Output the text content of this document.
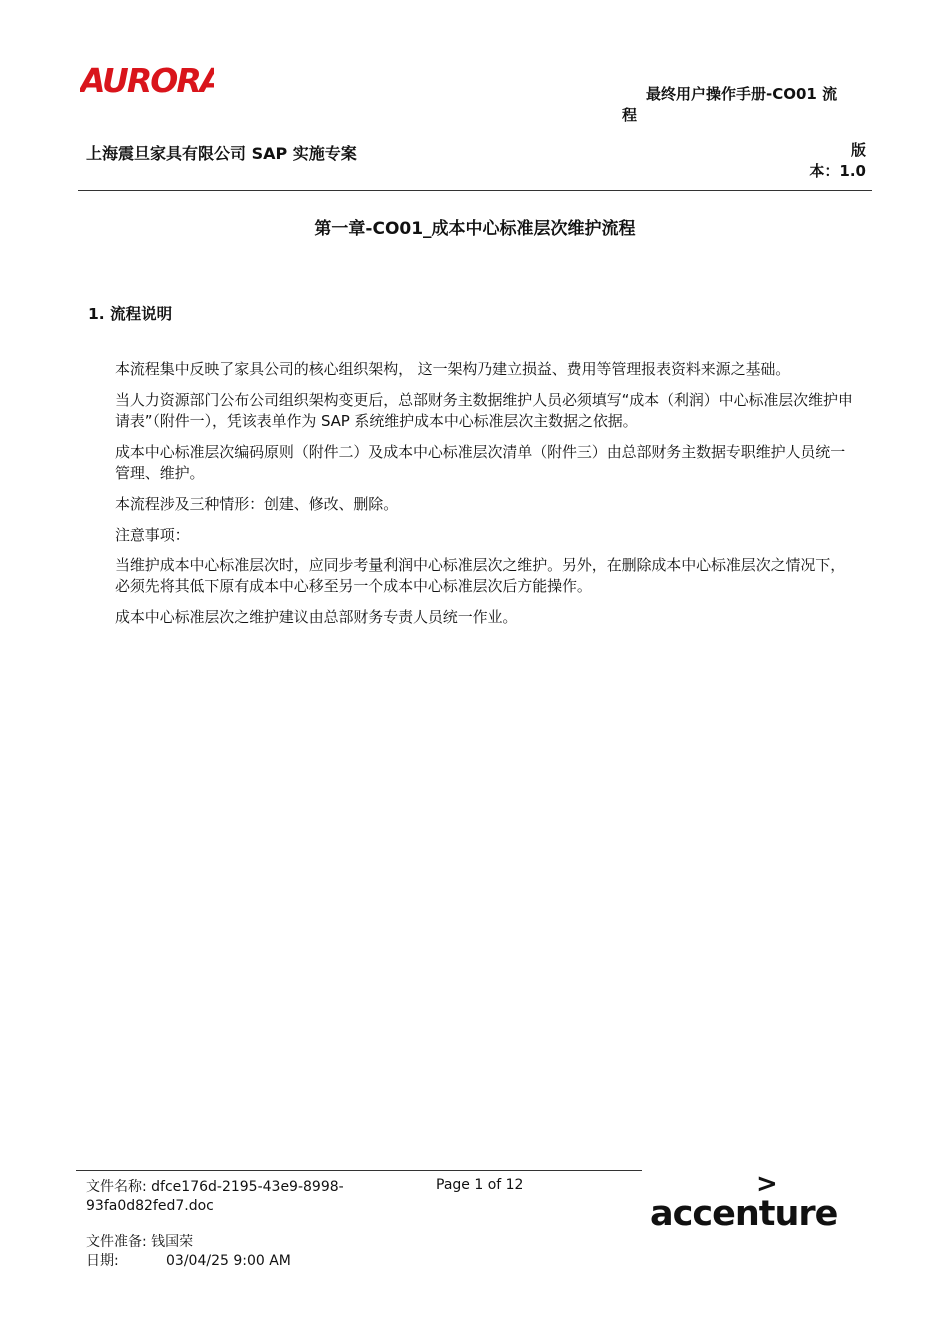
AURORA	最终用户操作手册-CO01 流
程
上海震旦家具有限公司 SAP 实施专案	版
本：1.0
第一章-CO01_成本中心标准层次维护流程
1. 流程说明
本流程集中反映了家具公司的核心组织架构， 这一架构乃建立损益、费用等管理报表资料来源之基础。
当人力资源部门公布公司组织架构变更后，总部财务主数据维护人员必须填写“成本（利润）中心标准层次维护申请表”（附件一），凭该表单作为 SAP 系统维护成本中心标准层次主数据之依据。
成本中心标准层次编码原则（附件二）及成本中心标准层次清单（附件三）由总部财务主数据专职维护人员统一管理、维护。
本流程涉及三种情形：创建、修改、删除。
注意事项：
当维护成本中心标准层次时，应同步考量利润中心标准层次之维护。另外，在删除成本中心标准层次之情况下，必须先将其低下原有成本中心移至另一个成本中心标准层次后方能操作。
成本中心标准层次之维护建议由总部财务专责人员统一作业。
文件名称: dfce176d-2195-43e9-8998-93fa0d82fed7.doc
Page 1 of 12
文件准备: 钱国荣
日期:	03/04/25 9:00 AM
>
accenture
